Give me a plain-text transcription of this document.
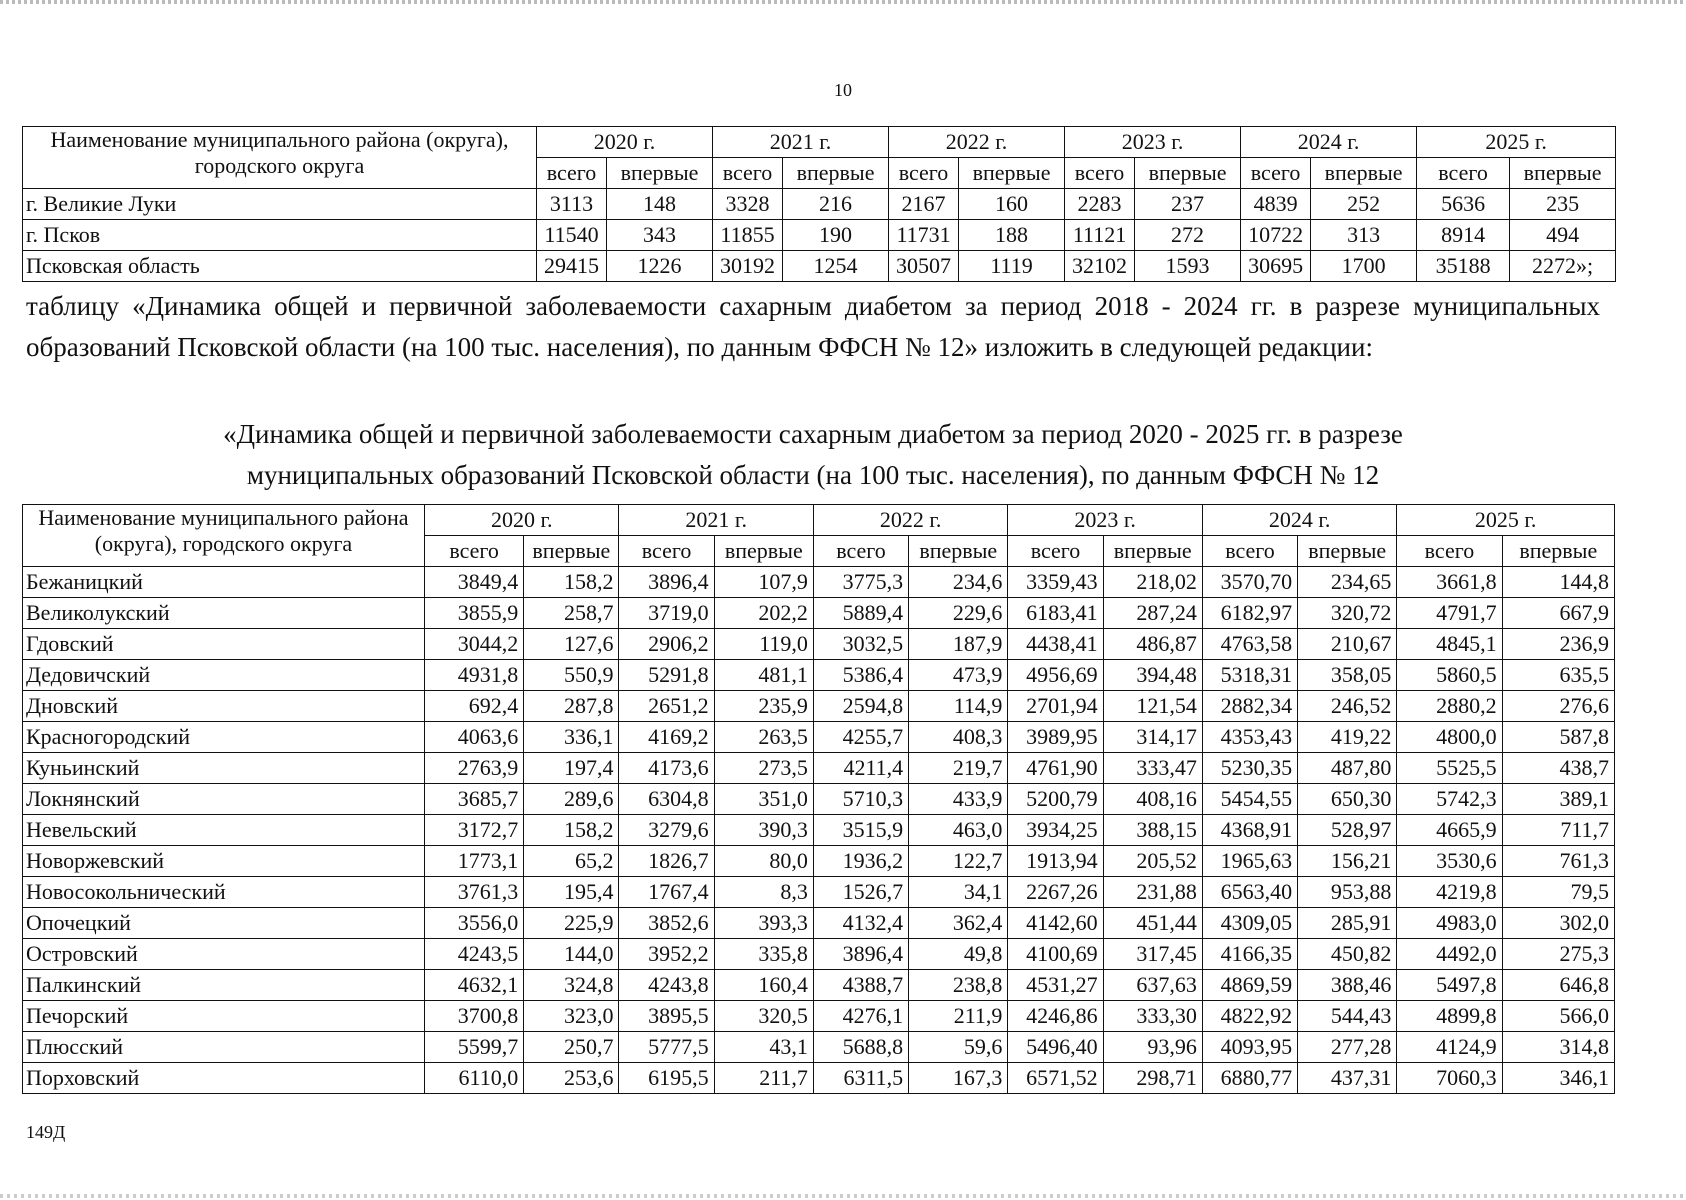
10
Наименование муниципального района (округа), городского округа	2020 г.		2021 г.		2022 г.		2023 г.		2024 г.		2025 г.	
	всего	впервые	всего	впервые	всего	впервые	всего	впервые	всего	впервые	всего	впервые
г. Великие Луки	3113	148	3328	216	2167	160	2283	237	4839	252	5636	235
г. Псков	11540	343	11855	190	11731	188	11121	272	10722	313	8914	494
Псковская область	29415	1226	30192	1254	30507	1119	32102	1593	30695	1700	35188	2272»;
таблицу «Динамика общей и первичной заболеваемости сахарным диабетом за период 2018 - 2024 гг. в разрезе муниципальных образований Псковской области (на 100 тыс. населения), по данным ФФСН № 12» изложить в следующей редакции:
«Динамика общей и первичной заболеваемости сахарным диабетом за период 2020 - 2025 гг. в разрезе
муниципальных образований Псковской области (на 100 тыс. населения), по данным ФФСН № 12
Наименование муниципального района (округа), городского округа	2020 г.		2021 г.		2022 г.		2023 г.		2024 г.		2025 г.	
	всего	впервые	всего	впервые	всего	впервые	всего	впервые	всего	впервые	всего	впервые
Бежаницкий	3849,4	158,2	3896,4	107,9	3775,3	234,6	3359,43	218,02	3570,70	234,65	3661,8	144,8
Великолукский	3855,9	258,7	3719,0	202,2	5889,4	229,6	6183,41	287,24	6182,97	320,72	4791,7	667,9
Гдовский	3044,2	127,6	2906,2	119,0	3032,5	187,9	4438,41	486,87	4763,58	210,67	4845,1	236,9
Дедовичский	4931,8	550,9	5291,8	481,1	5386,4	473,9	4956,69	394,48	5318,31	358,05	5860,5	635,5
Дновский	692,4	287,8	2651,2	235,9	2594,8	114,9	2701,94	121,54	2882,34	246,52	2880,2	276,6
Красногородский	4063,6	336,1	4169,2	263,5	4255,7	408,3	3989,95	314,17	4353,43	419,22	4800,0	587,8
Куньинский	2763,9	197,4	4173,6	273,5	4211,4	219,7	4761,90	333,47	5230,35	487,80	5525,5	438,7
Локнянский	3685,7	289,6	6304,8	351,0	5710,3	433,9	5200,79	408,16	5454,55	650,30	5742,3	389,1
Невельский	3172,7	158,2	3279,6	390,3	3515,9	463,0	3934,25	388,15	4368,91	528,97	4665,9	711,7
Новоржевский	1773,1	65,2	1826,7	80,0	1936,2	122,7	1913,94	205,52	1965,63	156,21	3530,6	761,3
Новосокольнический	3761,3	195,4	1767,4	8,3	1526,7	34,1	2267,26	231,88	6563,40	953,88	4219,8	79,5
Опочецкий	3556,0	225,9	3852,6	393,3	4132,4	362,4	4142,60	451,44	4309,05	285,91	4983,0	302,0
Островский	4243,5	144,0	3952,2	335,8	3896,4	49,8	4100,69	317,45	4166,35	450,82	4492,0	275,3
Палкинский	4632,1	324,8	4243,8	160,4	4388,7	238,8	4531,27	637,63	4869,59	388,46	5497,8	646,8
Печорский	3700,8	323,0	3895,5	320,5	4276,1	211,9	4246,86	333,30	4822,92	544,43	4899,8	566,0
Плюсский	5599,7	250,7	5777,5	43,1	5688,8	59,6	5496,40	93,96	4093,95	277,28	4124,9	314,8
Порховский	6110,0	253,6	6195,5	211,7	6311,5	167,3	6571,52	298,71	6880,77	437,31	7060,3	346,1
149Д
